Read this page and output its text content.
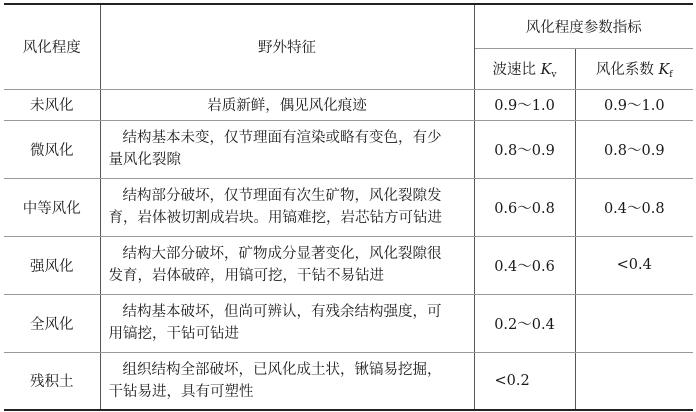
风化程度	野外特征	风化程度参数指标	
		波速比 $K_v$	风化系数 $K_f$
未风化	岩质新鲜，偶见风化痕迹	0.9～1.0	0.9～1.0
微风化	结构基本未变，仅节理面有渲染或略有变色，有少
量风化裂隙	0.8～0.9	0.8～0.9
中等风化	结构部分破坏，仅节理面有次生矿物，风化裂隙发
育，岩体被切割成岩块。用镐难挖，岩芯钻方可钻进	0.6～0.8	0.4～0.8
强风化	结构大部分破坏，矿物成分显著变化，风化裂隙很
发育，岩体破碎，用镐可挖，干钻不易钻进	0.4～0.6	<0.4
全风化	结构基本破坏，但尚可辨认，有残余结构强度，可
用镐挖，干钻可钻进	0.2～0.4	
残积土	组织结构全部破坏，已风化成土状，锹镐易挖掘，
干钻易进，具有可塑性	<0.2	
